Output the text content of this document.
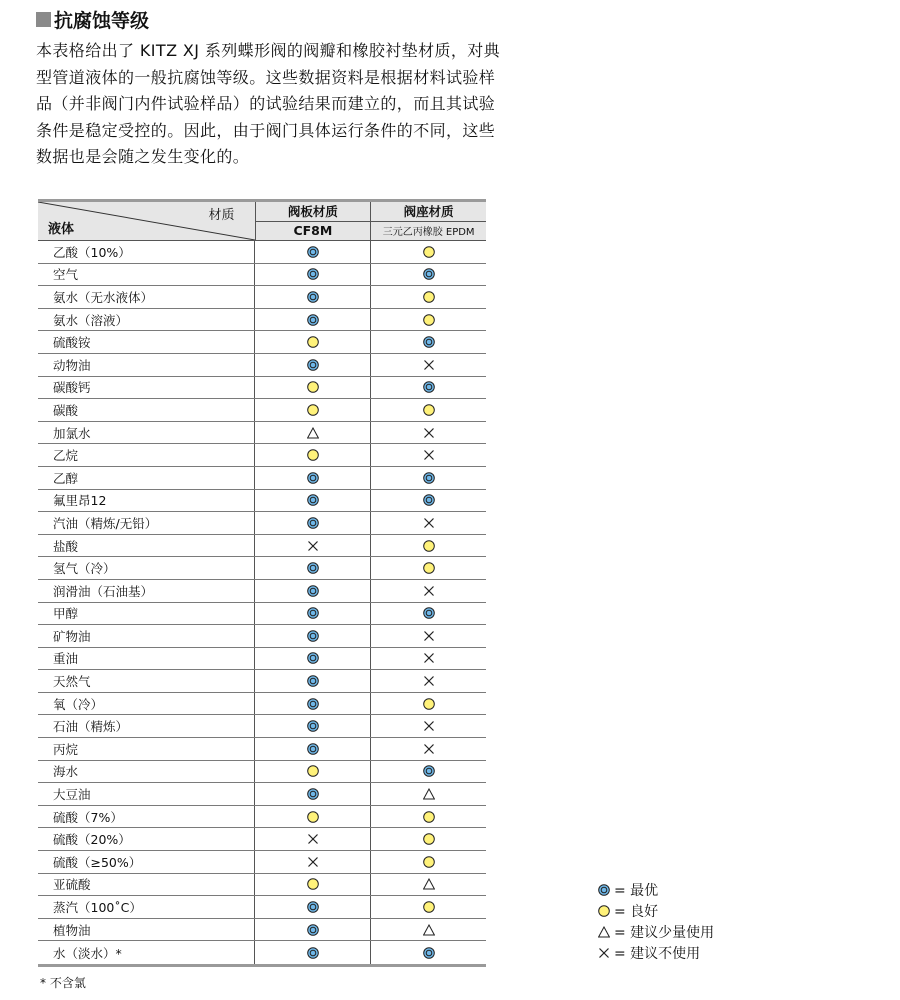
抗腐蚀等级

本表格给出了 KITZ XJ 系列蝶形阀的阀瓣和橡胶衬垫材质，对典

型管道液体的一般抗腐蚀等级。这些数据资料是根据材料试验样

品（并非阀门内件试验样品）的试验结果而建立的，而且其试验

条件是稳定受控的。因此，由于阀门具体运行条件的不同，这些

数据也是会随之发生变化的。

材质
液体
阀板材质
CF8M
阀座材质
三元乙丙橡胶 EPDM
乙酸（10%）
空气
氨水（无水液体）
氨水（溶液）
硫酸铵
动物油
碳酸钙
碳酸
加氯水
乙烷
乙醇
氟里昂12
汽油（精炼/无铅）
盐酸
氢气（冷）
润滑油（石油基）
甲醇
矿物油
重油
天然气
氧（冷）
石油（精炼）
丙烷
海水
大豆油
硫酸（7%）
硫酸（20%）
硫酸（≥50%）
亚硫酸
蒸汽（100˚C）
植物油
水（淡水）*
= 最优
= 良好
= 建议少量使用
= 建议不使用
* 不含氯
